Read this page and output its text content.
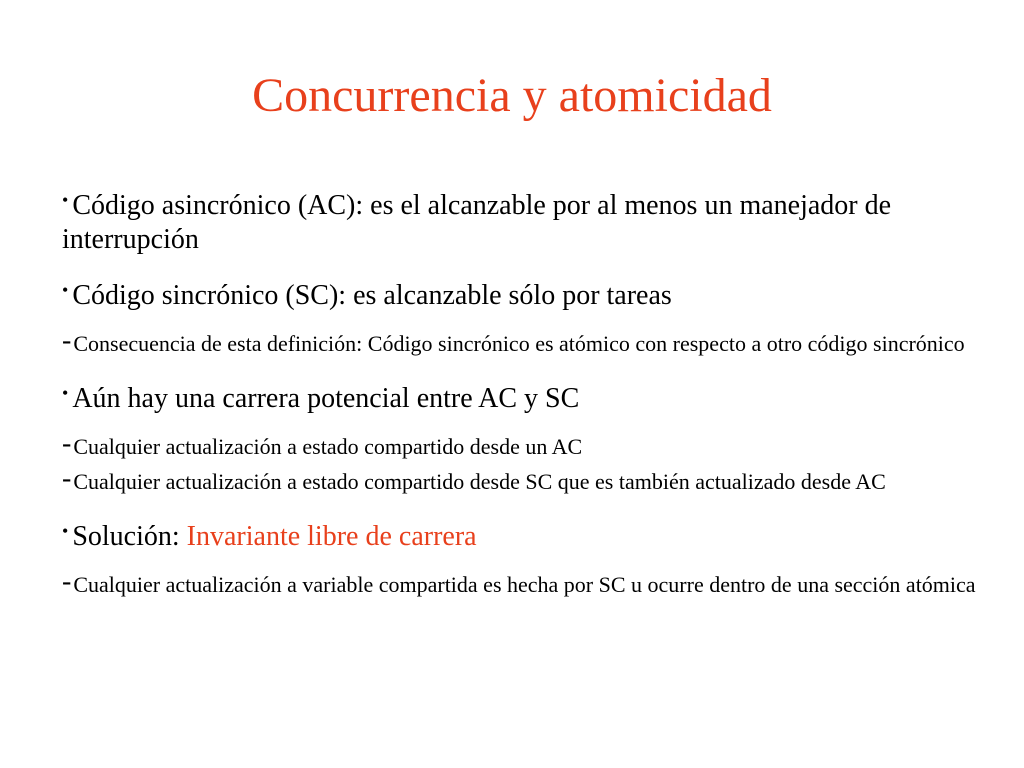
Concurrencia y atomicidad

• Código asincrónico (AC): es el alcanzable por al menos un manejador de interrupción

• Código sincrónico (SC): es alcanzable sólo por tareas

-Consecuencia de esta definición: Código sincrónico es atómico con respecto a otro código sincrónico

• Aún hay una carrera potencial entre AC y SC

-Cualquier actualización a estado compartido desde un AC

-Cualquier actualización a estado compartido desde SC que es también actualizado desde AC

• Solución: Invariante libre de carrera

-Cualquier actualización a variable compartida es hecha por SC u ocurre dentro de una sección atómica
